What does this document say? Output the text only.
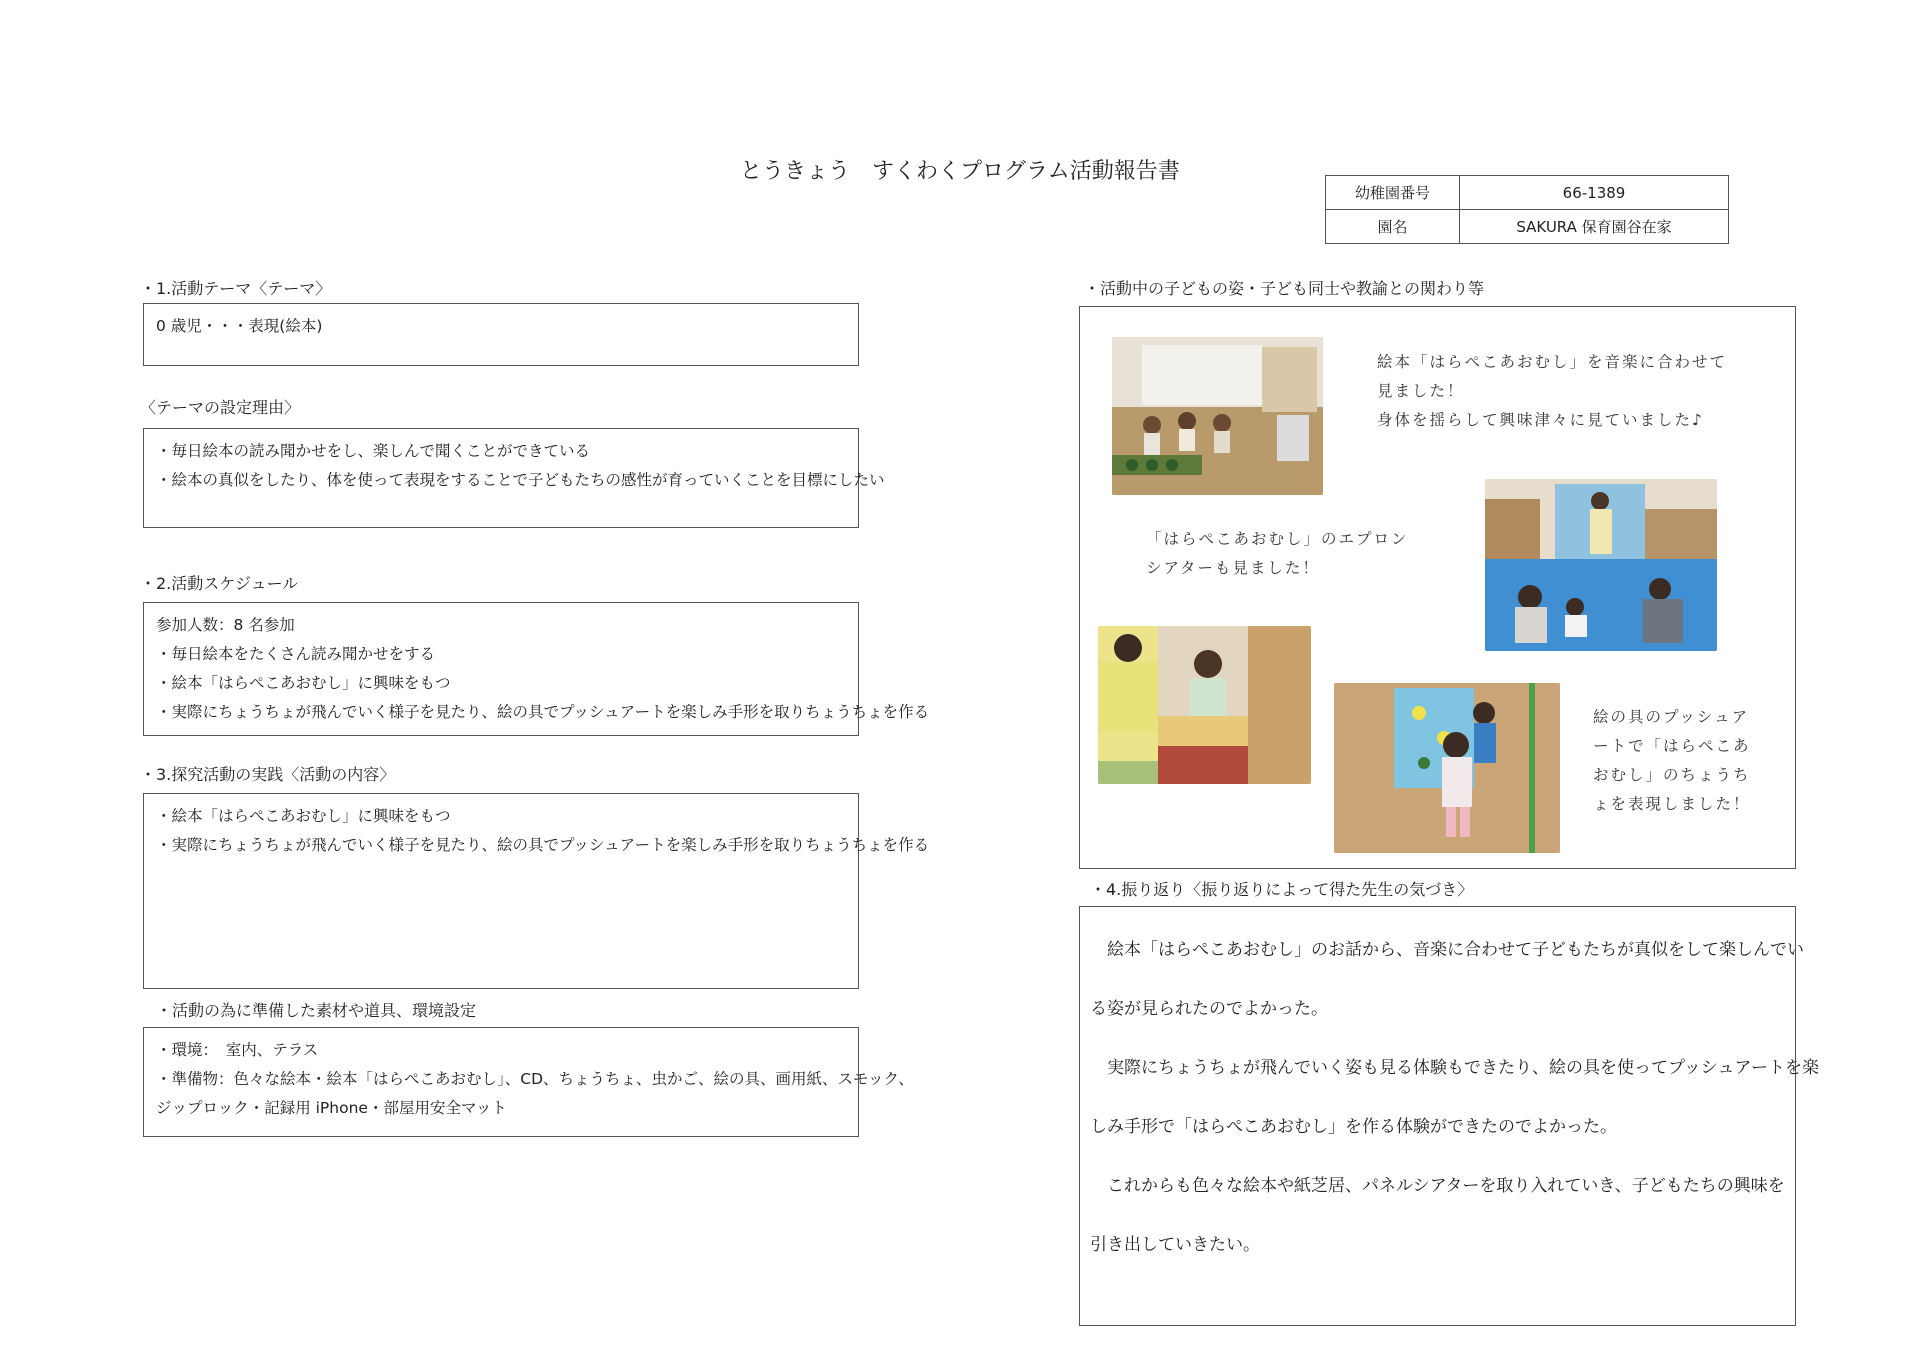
とうきょう　すくわくプログラム活動報告書
幼稚園番号	66-1389
園名	SAKURA 保育園谷在家
・1.活動テーマ〈テーマ〉
0 歳児・・・表現(絵本)
〈テーマの設定理由〉
・毎日絵本の読み聞かせをし、楽しんで聞くことができている
・絵本の真似をしたり、体を使って表現をすることで子どもたちの感性が育っていくことを目標にしたい
・2.活動スケジュール
参加人数：8 名参加
・毎日絵本をたくさん読み聞かせをする
・絵本「はらぺこあおむし」に興味をもつ
・実際にちょうちょが飛んでいく様子を見たり、絵の具でプッシュアートを楽しみ手形を取りちょうちょを作る
・3.探究活動の実践〈活動の内容〉
・絵本「はらぺこあおむし」に興味をもつ
・実際にちょうちょが飛んでいく様子を見たり、絵の具でプッシュアートを楽しみ手形を取りちょうちょを作る
・活動の為に準備した素材や道具、環境設定
・環境：　室内、テラス
・準備物：色々な絵本・絵本「はらぺこあおむし」、CD、ちょうちょ、虫かご、絵の具、画用紙、スモック、
ジップロック・記録用 iPhone・部屋用安全マット
・活動中の子どもの姿・子ども同士や教諭との関わり等
絵本「はらぺこあおむし」を音楽に合わせて
見ました！
身体を揺らして興味津々に見ていました♪
「はらぺこあおむし」のエプロン
シアターも見ました！
絵の具のプッシュア
ートで「はらぺこあ
おむし」のちょうち
ょを表現しました！
・4.振り返り〈振り返りによって得た先生の気づき〉

　絵本「はらぺこあおむし」のお話から、音楽に合わせて子どもたちが真似をして楽しんでい

る姿が見られたのでよかった。

　実際にちょうちょが飛んでいく姿も見る体験もできたり、絵の具を使ってプッシュアートを楽

しみ手形で「はらぺこあおむし」を作る体験ができたのでよかった。

　これからも色々な絵本や紙芝居、パネルシアターを取り入れていき、子どもたちの興味を

引き出していきたい。
